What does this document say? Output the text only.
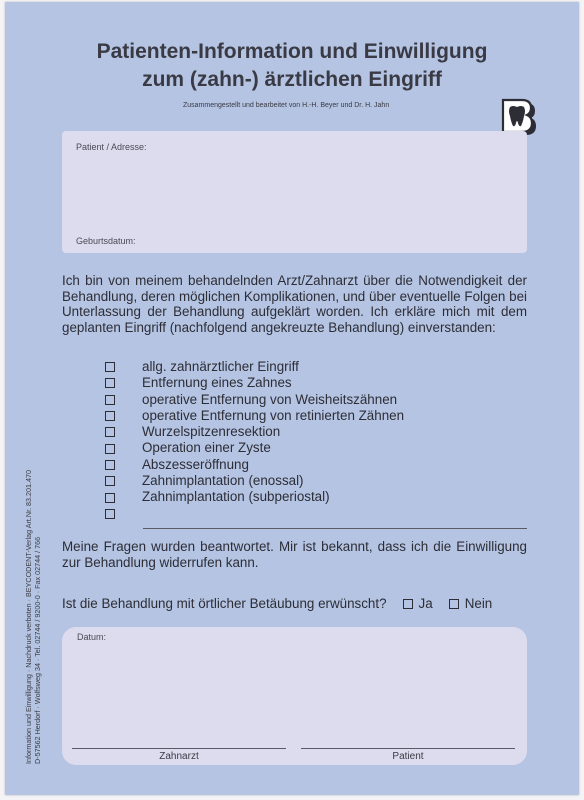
Patienten-Information und Einwilligung
zum (zahn-) ärztlichen Eingriff
Zusammengestellt und bearbeitet von H.-H. Beyer und Dr. H. Jahn
Patient / Adresse:
Geburtsdatum:
Ich bin von meinem behandelnden Arzt/Zahnarzt über die Notwendigkeit der Behandlung, deren möglichen Komplikationen, und über eventuelle Folgen bei Unterlassung der Behandlung aufgeklärt worden. Ich erkläre mich mit dem geplanten Eingriff (nachfolgend angekreuzte Behandlung) einverstanden:
allg. zahnärztlicher Eingriff
Entfernung eines Zahnes
operative Entfernung von Weisheitszähnen
operative Entfernung von retinierten Zähnen
Wurzelspitzenresektion
Operation einer Zyste
Abszesseröffnung
Zahnimplantation (enossal)
Zahnimplantation (subperiostal)
Meine Fragen wurden beantwortet. Mir ist bekannt, dass ich die Einwilligung zur Behandlung widerrufen kann.
Ist die Behandlung mit örtlicher Betäubung erwünscht? Ja Nein
Datum:
Zahnarzt	Patient
Information und Einwilligung · Nachdruck verboten · BEYCODENT-Verlag Art.Nr. 83.201.470 D-57562 Herdorf · Wolfsweg 34 · Tel. 02744 / 9200-0 · Fax 02744 / 766
